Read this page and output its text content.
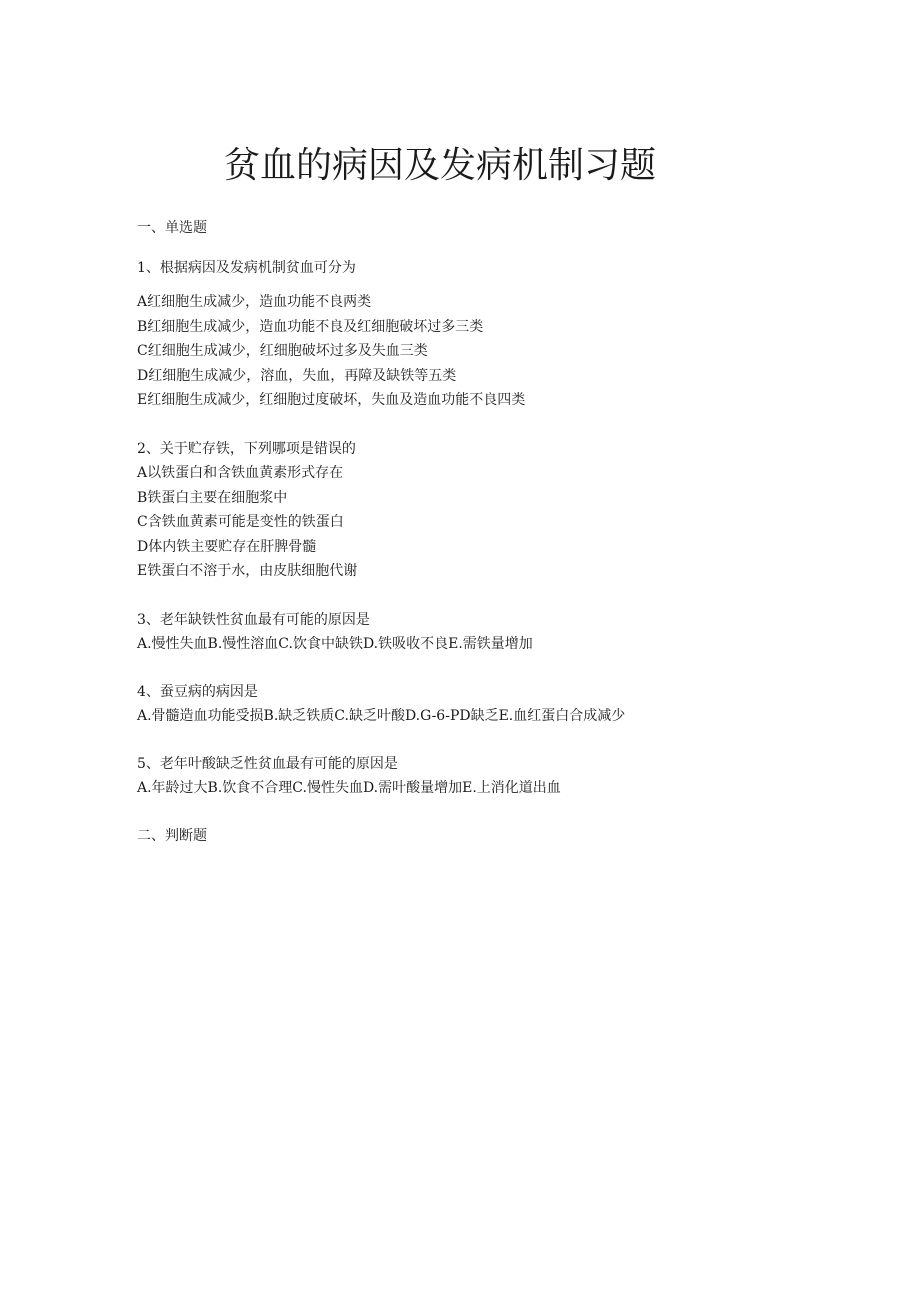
贫血的病因及发病机制习题

一、单选题

1、根据病因及发病机制贫血可分为

A红细胞生成减少，造血功能不良两类

B红细胞生成减少，造血功能不良及红细胞破坏过多三类

C红细胞生成减少，红细胞破坏过多及失血三类

D红细胞生成减少，溶血，失血，再障及缺铁等五类

E红细胞生成减少，红细胞过度破坏，失血及造血功能不良四类

2、关于贮存铁，下列哪项是错误的

A以铁蛋白和含铁血黄素形式存在

B铁蛋白主要在细胞浆中

C含铁血黄素可能是变性的铁蛋白

D体内铁主要贮存在肝脾骨髓

E铁蛋白不溶于水，由皮肤细胞代谢

3、老年缺铁性贫血最有可能的原因是

A.慢性失血B.慢性溶血C.饮食中缺铁D.铁吸收不良E.需铁量增加

4、蚕豆病的病因是

A.骨髓造血功能受损B.缺乏铁质C.缺乏叶酸D.G-6-PD缺乏E.血红蛋白合成减少

5、老年叶酸缺乏性贫血最有可能的原因是

A.年龄过大B.饮食不合理C.慢性失血D.需叶酸量增加E.上消化道出血

二、判断题
